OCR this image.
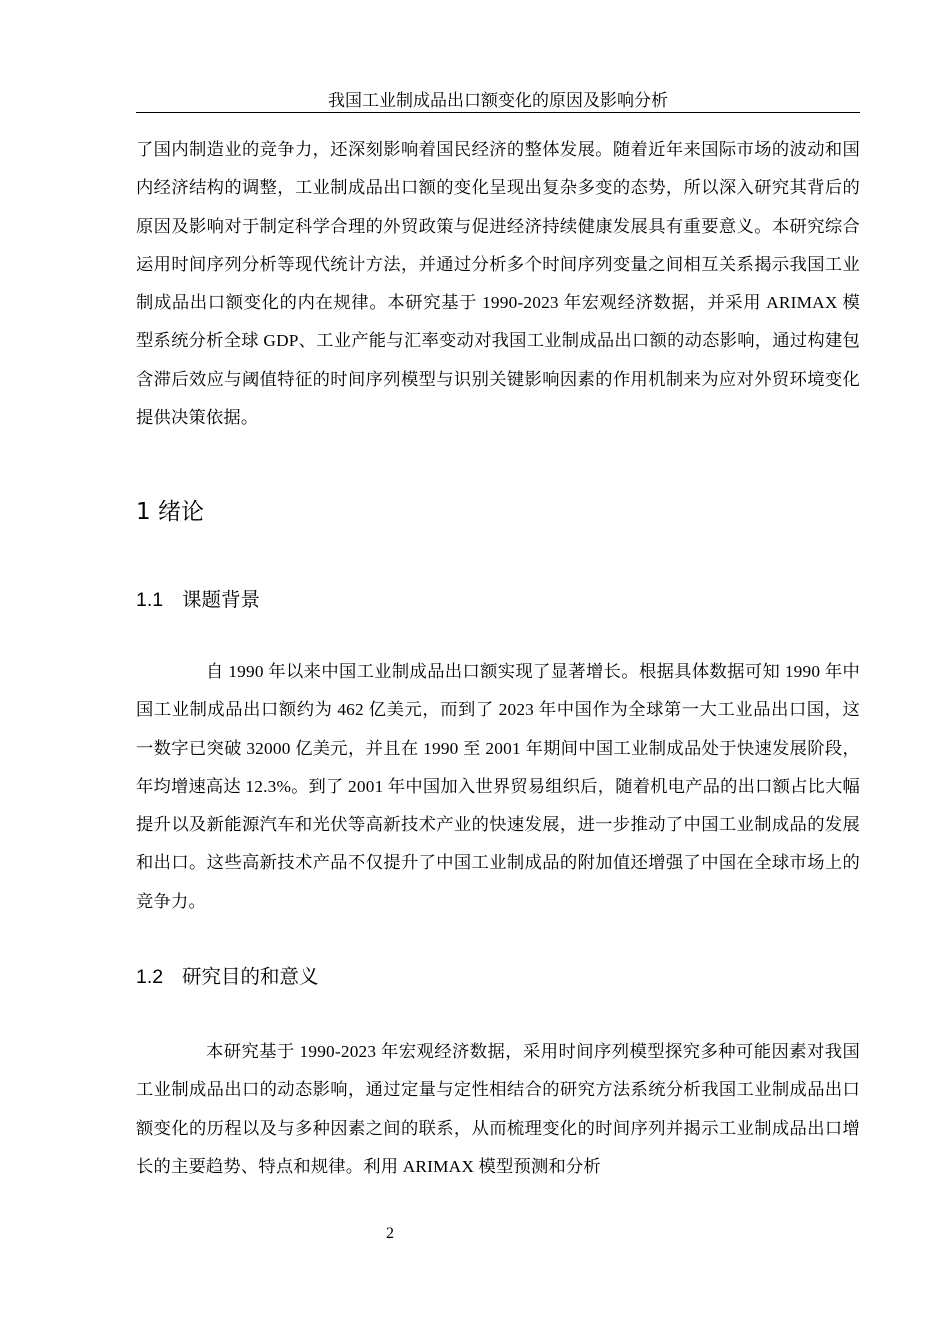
我国工业制成品出口额变化的原因及影响分析

了国内制造业的竞争力，还深刻影响着国民经济的整体发展。随着近年来国际市场的波动和国内经济结构的调整，工业制成品出口额的变化呈现出复杂多变的态势，所以深入研究其背后的原因及影响对于制定科学合理的外贸政策与促进经济持续健康发展具有重要意义。本研究综合运用时间序列分析等现代统计方法，并通过分析多个时间序列变量之间相互关系揭示我国工业制成品出口额变化的内在规律。本研究基于 1990-2023 年宏观经济数据，并采用 ARIMAX 模型系统分析全球 GDP、工业产能与汇率变动对我国工业制成品出口额的动态影响，通过构建包含滞后效应与阈值特征的时间序列模型与识别关键影响因素的作用机制来为应对外贸环境变化提供决策依据。

1 绪论
1.1 课题背景

自 1990 年以来中国工业制成品出口额实现了显著增长。根据具体数据可知 1990 年中国工业制成品出口额约为 462 亿美元，而到了 2023 年中国作为全球第一大工业品出口国，这一数字已突破 32000 亿美元，并且在 1990 至 2001 年期间中国工业制成品处于快速发展阶段，年均增速高达 12.3%。到了 2001 年中国加入世界贸易组织后，随着机电产品的出口额占比大幅提升以及新能源汽车和光伏等高新技术产业的快速发展，进一步推动了中国工业制成品的发展和出口。这些高新技术产品不仅提升了中国工业制成品的附加值还增强了中国在全球市场上的竞争力。

1.2 研究目的和意义

本研究基于 1990-2023 年宏观经济数据，采用时间序列模型探究多种可能因素对我国工业制成品出口的动态影响，通过定量与定性相结合的研究方法系统分析我国工业制成品出口额变化的历程以及与多种因素之间的联系，从而梳理变化的时间序列并揭示工业制成品出口增长的主要趋势、特点和规律。利用 ARIMAX 模型预测和分析

2
